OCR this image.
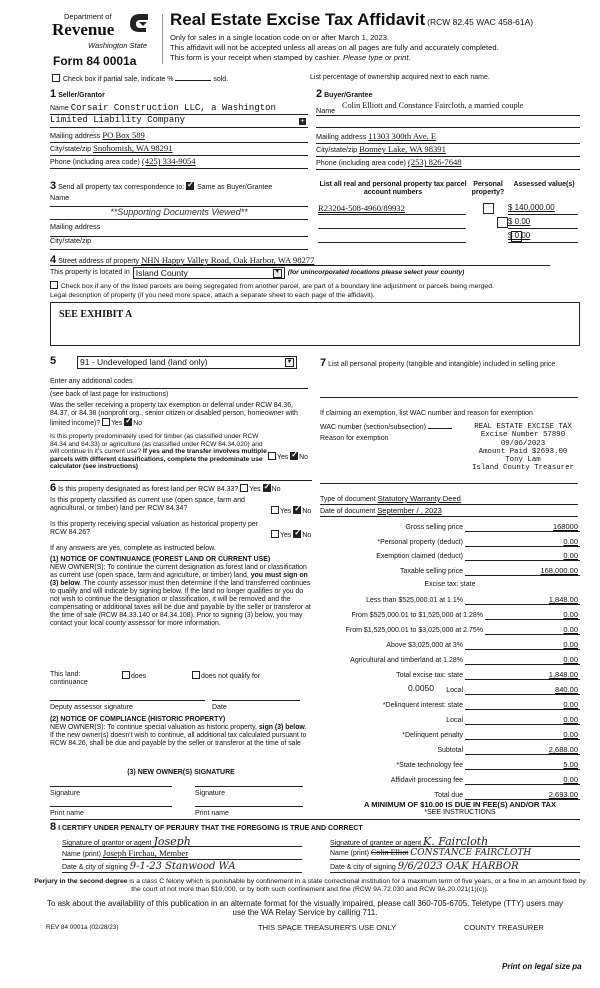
Department of
Revenue
Washington State
Form 84 0001a
Real Estate Excise Tax Affidavit (RCW 82.45 WAC 458-61A)
Only for sales in a single location code on or after March 1, 2023.
This affidavit will not be accepted unless all areas on all pages are fully and accurately completed.
This form is your receipt when stamped by cashier. Please type or print.
Check box if partial sale, indicate %	sold.	List percentage of ownership acquired next to each name.
1 Seller/Grantor
Name Corsair Construction LLC, a Washington
Limited Liability Company	+
Mailing address PO Box 589
City/state/zip Snohomish, WA 98291
Phone (including area code) (425) 334-9054
2 Buyer/Grantee
Name Colin Elliott and Constance Faircloth, a married couple
Mailing address 11303 300th Ave. E
City/state/zip Bonney Lake, WA 98391
Phone (including area code) (253) 826-7648
List all real and personal property tax parcel account numbers
Personal property?
Assessed value(s)
R23204-508-4960/89932
	$ 140,000.00

$ 0.00
$ 0.00
3 Send all property tax correspondence to: ✓ Same as Buyer/Grantee
Name
**Supporting Documents Viewed**
Mailing address
City/state/zip
4 Street address of property NHN Happy Valley Road, Oak Harbor, WA 98277
This property is located in Island County	▼ (for unincorporated locations please select your county)
Check box if any of the listed parcels are being segregated from another parcel, are part of a boundary line adjustment or parcels being merged.
Legal description of property (if you need more space, attach a separate sheet to each page of the affidavit).
SEE EXHIBIT A
5	91 - Undeveloped land (land only)	▼
Enter any additional codes
(see back of last page for instructions)
Was the seller receiving a property tax exemption or deferral under RCW 84.36, 84.37, or 84.38 (nonprofit org., senior citizen or disabled person, homeowner with limited income)? Yes ✓ No
Is this property predominately used for timber (as classified under RCW 84.34 and 84.33) or agriculture (as classified under RCW 84.34.020) and will continue in it's current use? If yes and the transfer involves multiple parcels with different classifications, complete the predominate use calculator (see instructions)
Yes ✓ No
6 Is this property designated as forest land per RCW 84.33? Yes ✓ No
Is this property classified as current use (open space, farm and agricultural, or timber) land per RCW 84.34?	Yes ✓ No
Is this property receiving special valuation as historical property per RCW 84.26?	Yes ✓ No
If any answers are yes, complete as instructed below.
(1) NOTICE OF CONTINUANCE (FOREST LAND OR CURRENT USE)
NEW OWNER(S): To continue the current designation as forest land or classification as current use (open space, farm and agriculture, or timber) land, you must sign on (3) below. The county assessor must then determine if the land transferred continues to qualify and will indicate by signing below. If the land no longer qualifies or you do not wish to continue the designation or classification, it will be removed and the compensating or additional taxes will be due and payable by the seller or transferor at the time of sale (RCW 84.33.140 or 84.34.108). Prior to signing (3) below, you may contact your local county assessor for more information.
This land:	does	does not qualify for
continuance
Deputy assessor signature	Date
(2) NOTICE OF COMPLIANCE (HISTORIC PROPERTY)
NEW OWNER(S): To continue special valuation as historic property, sign (3) below. If the new owner(s) doesn't wish to continue, all additional tax calculated pursuant to RCW 84.26, shall be due and payable by the seller or transferor at the time of sale
(3) NEW OWNER(S) SIGNATURE
Signature	Signature
Print name	Print name
7 List all personal property (tangible and intangible) included in selling price.
If claiming an exemption, list WAC number and reason for exemption
WAC number (section/subsection)
Reason for exemption
REAL ESTATE EXCISE TAX
Excise Number 57890
09/06/2023
Amount Paid $2693.00
Tony Lam
Island County Treasurer
Type of document Statutory Warranty Deed
Date of document September / , 2023
Gross selling price	168000
*Personal property (deduct)	0.00
Exemption claimed (deduct)	0.00
Taxable selling price	168,000.00
Excise tax: state
Less than $525,000.01 at 1.1%	1,848.00
From $525,000.01 to $1,525,000 at 1.28%	0.00
From $1,525,000.01 to $3,025,000 at 2.75%	0.00
Above $3,025,000 at 3%	0.00
Agricultural and timberland at 1.28%	0.00
Total excise tax: state	1,848.00
0.0050	Local	840.00
*Delinquent interest: state	0.00
Local	0.00
*Delinquent penalty	0.00
Subtotal	2,688.00
*State technology fee	5.00
Affidavit processing fee	0.00
Total due	2,693.00
A MINIMUM OF $10.00 IS DUE IN FEE(S) AND/OR TAX
*SEE INSTRUCTIONS
8 I CERTIFY UNDER PENALTY OF PERJURY THAT THE FOREGOING IS TRUE AND CORRECT
Signature of grantor or agent Joseph
Name (print) Joseph Firchau, Member
Date & city of signing 9-1-23 Stanwood WA
Signature of grantee or agent K. Faircloth
Name (print) Colin Elliot CONSTANCE FAIRCLOTH
Date & city of signing 9/6/2023 OAK HARBOR
Perjury in the second degree is a class C felony which is punishable by confinement in a state correctional institution for a maximum term of five years, or a fine in an amount fixed by the court of not more than $10,000, or by both such confinement and fine (RCW 9A.72.030 and RCW 9A.20.021(1)(c)).
To ask about the availability of this publication in an alternate format for the visually impaired, please call 360-705-6705. Teletype (TTY) users may use the WA Relay Service by calling 711.
REV 84 0001a (02/28/23)	THIS SPACE TREASURER'S USE ONLY	COUNTY TREASURER
Print on legal size pa
